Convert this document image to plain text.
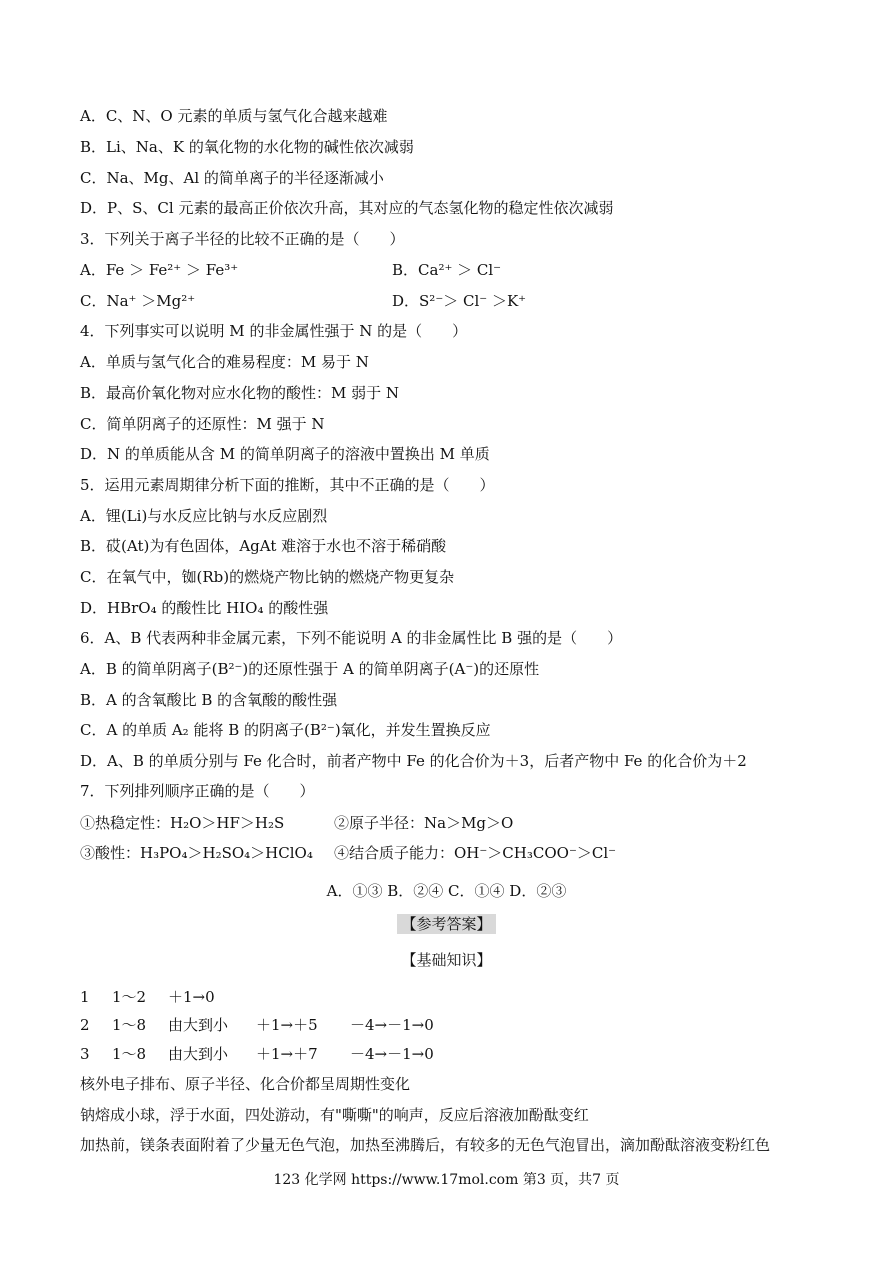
A．C、N、O 元素的单质与氢气化合越来越难
B．Li、Na、K 的氧化物的水化物的碱性依次减弱
C．Na、Mg、Al 的简单离子的半径逐渐减小
D．P、S、Cl 元素的最高正价依次升高，其对应的气态氢化物的稳定性依次减弱
3．下列关于离子半径的比较不正确的是（　　）
A．Fe ＞ Fe²⁺ ＞ Fe³⁺	B．Ca²⁺ ＞ Cl⁻
C．Na⁺ ＞Mg²⁺	D．S²⁻＞ Cl⁻ ＞K⁺
4．下列事实可以说明 M 的非金属性强于 N 的是（　　）
A．单质与氢气化合的难易程度：M 易于 N
B．最高价氧化物对应水化物的酸性：M 弱于 N
C．简单阴离子的还原性：M 强于 N
D．N 的单质能从含 M 的简单阴离子的溶液中置换出 M 单质
5．运用元素周期律分析下面的推断，其中不正确的是（　　）
A．锂(Li)与水反应比钠与水反应剧烈
B．砹(At)为有色固体，AgAt 难溶于水也不溶于稀硝酸
C．在氧气中，铷(Rb)的燃烧产物比钠的燃烧产物更复杂
D．HBrO₄ 的酸性比 HIO₄ 的酸性强
6．A、B 代表两种非金属元素，下列不能说明 A 的非金属性比 B 强的是（　　）
A．B 的简单阴离子(B²⁻)的还原性强于 A 的简单阴离子(A⁻)的还原性
B．A 的含氧酸比 B 的含氧酸的酸性强
C．A 的单质 A₂ 能将 B 的阴离子(B²⁻)氧化，并发生置换反应
D．A、B 的单质分别与 Fe 化合时，前者产物中 Fe 的化合价为＋3，后者产物中 Fe 的化合价为＋2
7．下列排列顺序正确的是（　　）
①热稳定性：H₂O＞HF＞H₂S	②原子半径：Na＞Mg＞O
③酸性：H₃PO₄＞H₂SO₄＞HClO₄ ④结合质子能力：OH⁻＞CH₃COO⁻＞Cl⁻
A．①③ B．②④ C．①④ D．②③
【参考答案】
【基础知识】
1 1～2 ＋1→0
2 1～8 由大到小 ＋1→＋5 －4→－1→0
3 1～8 由大到小 ＋1→＋7 －4→－1→0
核外电子排布、原子半径、化合价都呈周期性变化
钠熔成小球，浮于水面，四处游动，有"嘶嘶"的响声，反应后溶液加酚酞变红
加热前，镁条表面附着了少量无色气泡，加热至沸腾后，有较多的无色气泡冒出，滴加酚酞溶液变粉红色
123 化学网 https://www.17mol.com 第3 页，共7 页
